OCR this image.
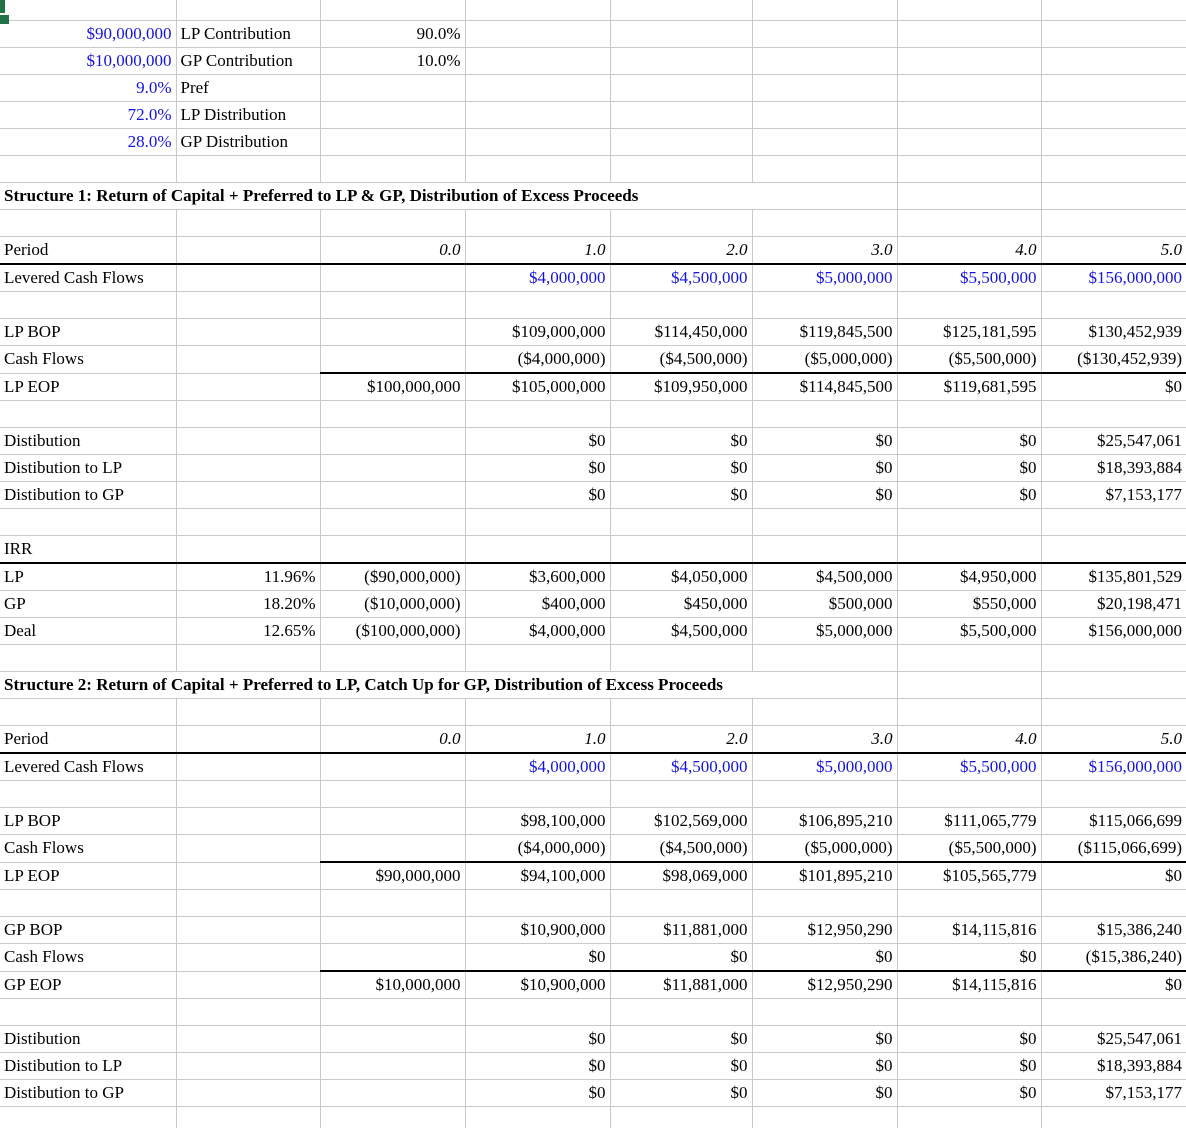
$90,000,000	LP Contribution	90.0%					
$10,000,000	GP Contribution	10.0%					
9.0%	Pref						
72.0%	LP Distribution						
28.0%	GP Distribution						

Structure 1: Return of Capital + Preferred to LP & GP, Distribution of Excess Proceeds							

Period		0.0	1.0	2.0	3.0	4.0	5.0
Levered Cash Flows			$4,000,000	$4,500,000	$5,000,000	$5,500,000	$156,000,000

LP BOP			$109,000,000	$114,450,000	$119,845,500	$125,181,595	$130,452,939
Cash Flows			($4,000,000)	($4,500,000)	($5,000,000)	($5,500,000)	($130,452,939)
LP EOP		$100,000,000	$105,000,000	$109,950,000	$114,845,500	$119,681,595	$0

Distibution			$0	$0	$0	$0	$25,547,061
Distibution to LP			$0	$0	$0	$0	$18,393,884
Distibution to GP			$0	$0	$0	$0	$7,153,177

IRR							
LP	11.96%	($90,000,000)	$3,600,000	$4,050,000	$4,500,000	$4,950,000	$135,801,529
GP	18.20%	($10,000,000)	$400,000	$450,000	$500,000	$550,000	$20,198,471
Deal	12.65%	($100,000,000)	$4,000,000	$4,500,000	$5,000,000	$5,500,000	$156,000,000

Structure 2: Return of Capital + Preferred to LP, Catch Up for GP, Distribution of Excess Proceeds							

Period		0.0	1.0	2.0	3.0	4.0	5.0
Levered Cash Flows			$4,000,000	$4,500,000	$5,000,000	$5,500,000	$156,000,000

LP BOP			$98,100,000	$102,569,000	$106,895,210	$111,065,779	$115,066,699
Cash Flows			($4,000,000)	($4,500,000)	($5,000,000)	($5,500,000)	($115,066,699)
LP EOP		$90,000,000	$94,100,000	$98,069,000	$101,895,210	$105,565,779	$0

GP BOP			$10,900,000	$11,881,000	$12,950,290	$14,115,816	$15,386,240
Cash Flows			$0	$0	$0	$0	($15,386,240)
GP EOP		$10,000,000	$10,900,000	$11,881,000	$12,950,290	$14,115,816	$0

Distibution			$0	$0	$0	$0	$25,547,061
Distibution to LP			$0	$0	$0	$0	$18,393,884
Distibution to GP			$0	$0	$0	$0	$7,153,177
